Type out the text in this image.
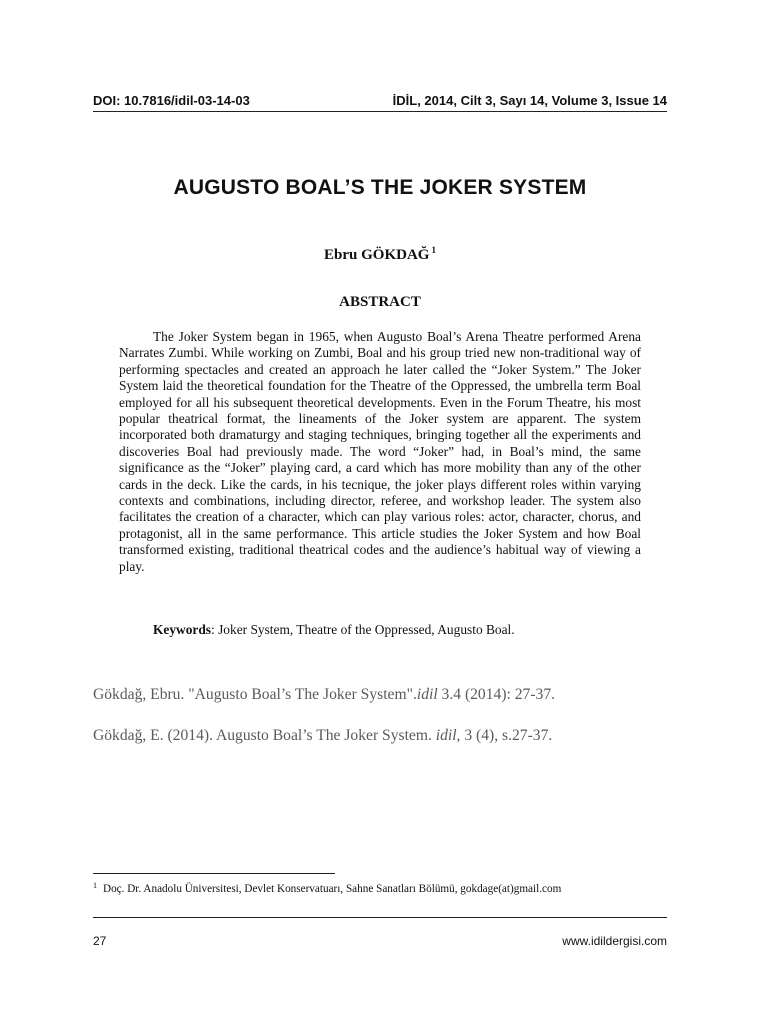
DOI: 10.7816/idil-03-14-03	İDİL, 2014, Cilt 3, Sayı 14, Volume 3, Issue 14
AUGUSTO BOAL’S THE JOKER SYSTEM
Ebru GÖKDAĞ $^1$
ABSTRACT

The Joker System began in 1965, when Augusto Boal’s Arena Theatre performed Arena Narrates Zumbi. While working on Zumbi, Boal and his group tried new non-traditional way of performing spectacles and created an approach he later called the “Joker System.” The Joker System laid the theoretical foundation for the Theatre of the Oppressed, the umbrella term Boal employed for all his subsequent theoretical developments. Even in the Forum Theatre, his most popular theatrical format, the lineaments of the Joker system are apparent. The system incorporated both dramaturgy and staging techniques, bringing together all the experiments and discoveries Boal had previously made. The word “Joker” had, in Boal’s mind, the same significance as the “Joker” playing card, a card which has more mobility than any of the other cards in the deck. Like the cards, in his tecnique, the joker plays different roles within varying contexts and combinations, including director, referee, and workshop leader. The system also facilitates the creation of a character, which can play various roles: actor, character, chorus, and protagonist, all in the same performance. This article studies the Joker System and how Boal transformed existing, traditional theatrical codes and the audience’s habitual way of viewing a play.

Keywords: Joker System, Theatre of the Oppressed, Augusto Boal.
Gökdağ, Ebru. "Augusto Boal’s The Joker System".idil 3.4 (2014): 27-37.
Gökdağ, E. (2014). Augusto Boal’s The Joker System. idil, 3 (4), s.27-37.
$^1$ Doç. Dr. Anadolu Üniversitesi, Devlet Konservatuarı, Sahne Sanatları Bölümü, gokdage(at)gmail.com
27	www.idildergisi.com
